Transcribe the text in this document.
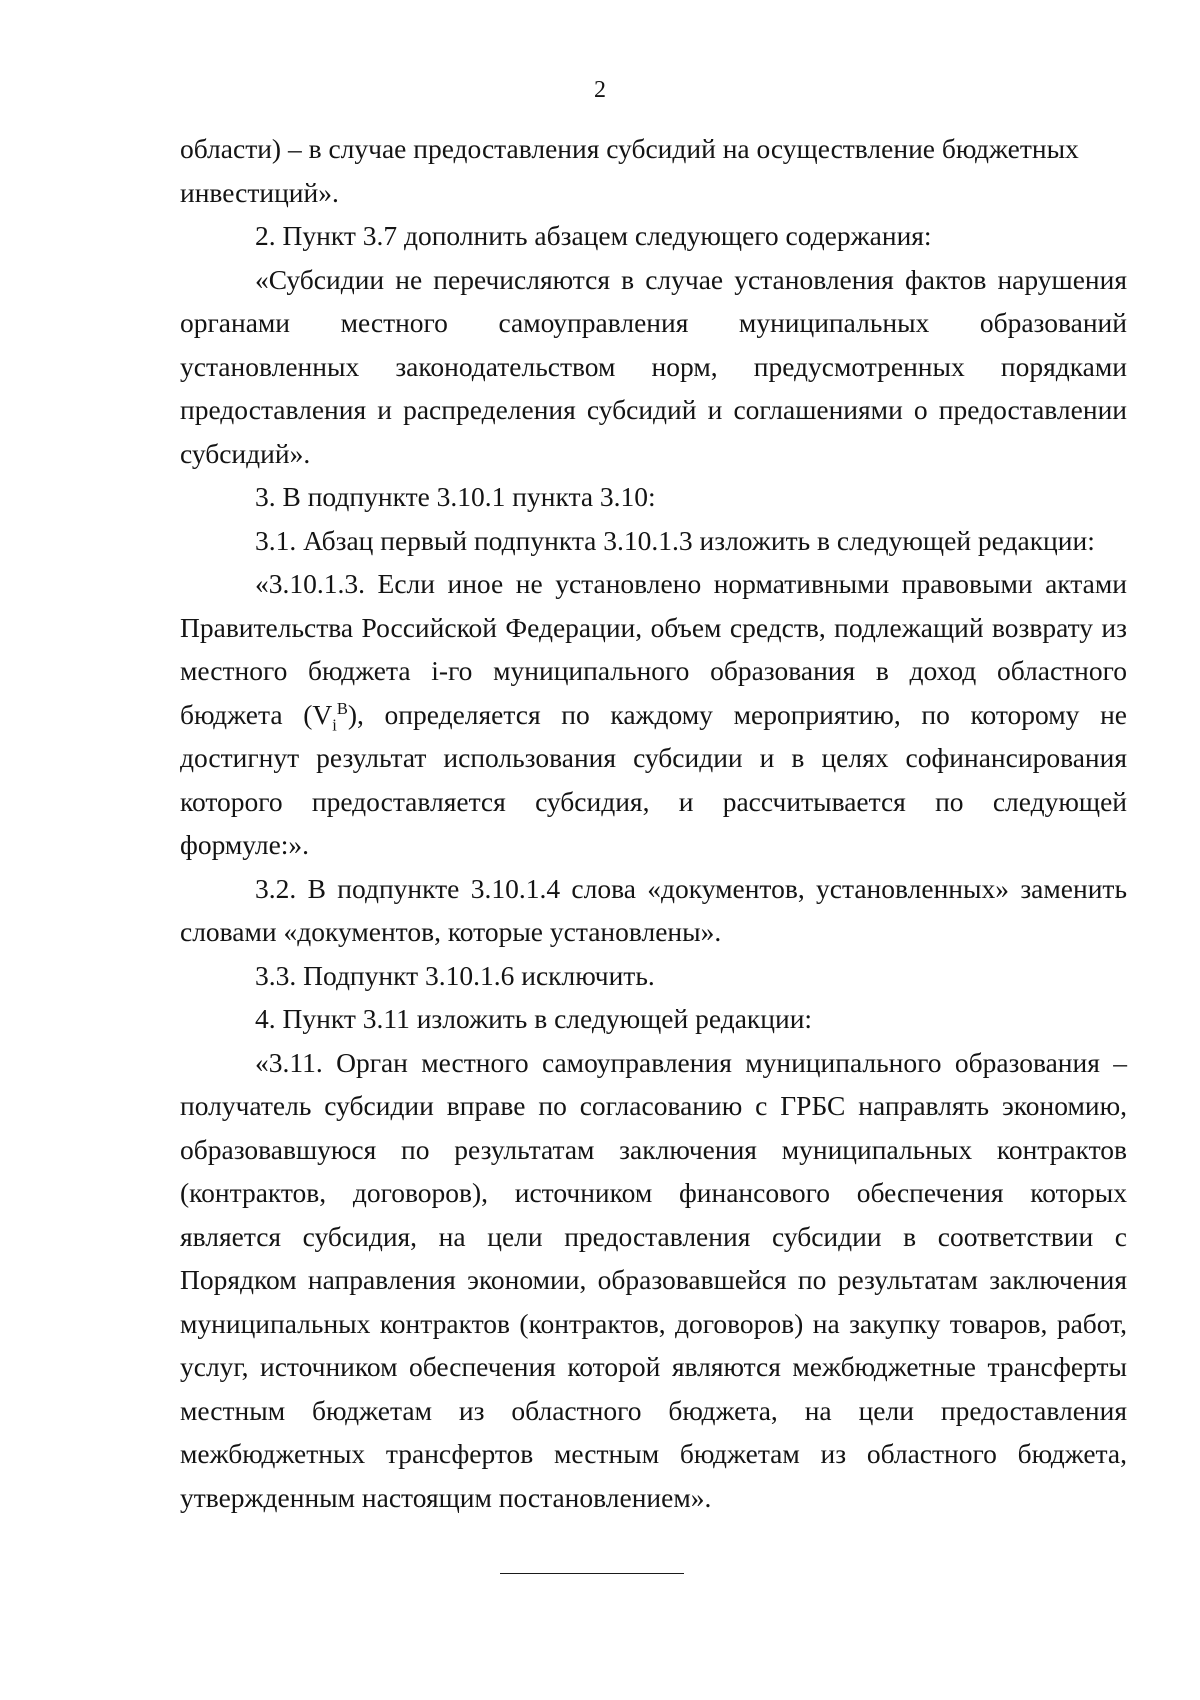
2

области) – в случае предоставления субсидий на осуществление бюджетных инвестиций».

2. Пункт 3.7 дополнить абзацем следующего содержания:

«Субсидии не перечисляются в случае установления фактов нарушения органами местного самоуправления муниципальных образований установленных законодательством норм, предусмотренных порядками предоставления и распределения субсидий и соглашениями о предоставлении субсидий».

3. В подпункте 3.10.1 пункта 3.10:

3.1. Абзац первый подпункта 3.10.1.3 изложить в следующей редакции:

«3.10.1.3. Если иное не установлено нормативными правовыми актами Правительства Российской Федерации, объем средств, подлежащий возврату из местного бюджета i-го муниципального образования в доход областного бюджета $(V_i^B)$, определяется по каждому мероприятию, по которому не достигнут результат использования субсидии и в целях софинансирования которого предоставляется субсидия, и рассчитывается по следующей формуле:».

3.2. В подпункте 3.10.1.4 слова «документов, установленных» заменить словами «документов, которые установлены».

3.3. Подпункт 3.10.1.6 исключить.

4. Пункт 3.11 изложить в следующей редакции:

«3.11. Орган местного самоуправления муниципального образования – получатель субсидии вправе по согласованию с ГРБС направлять экономию, образовавшуюся по результатам заключения муниципальных контрактов (контрактов, договоров), источником финансового обеспечения которых является субсидия, на цели предоставления субсидии в соответствии с Порядком направления экономии, образовавшейся по результатам заключения муниципальных контрактов (контрактов, договоров) на закупку товаров, работ, услуг, источником обеспечения которой являются межбюджетные трансферты местным бюджетам из областного бюджета, на цели предоставления межбюджетных трансфертов местным бюджетам из областного бюджета, утвержденным настоящим постановлением».
